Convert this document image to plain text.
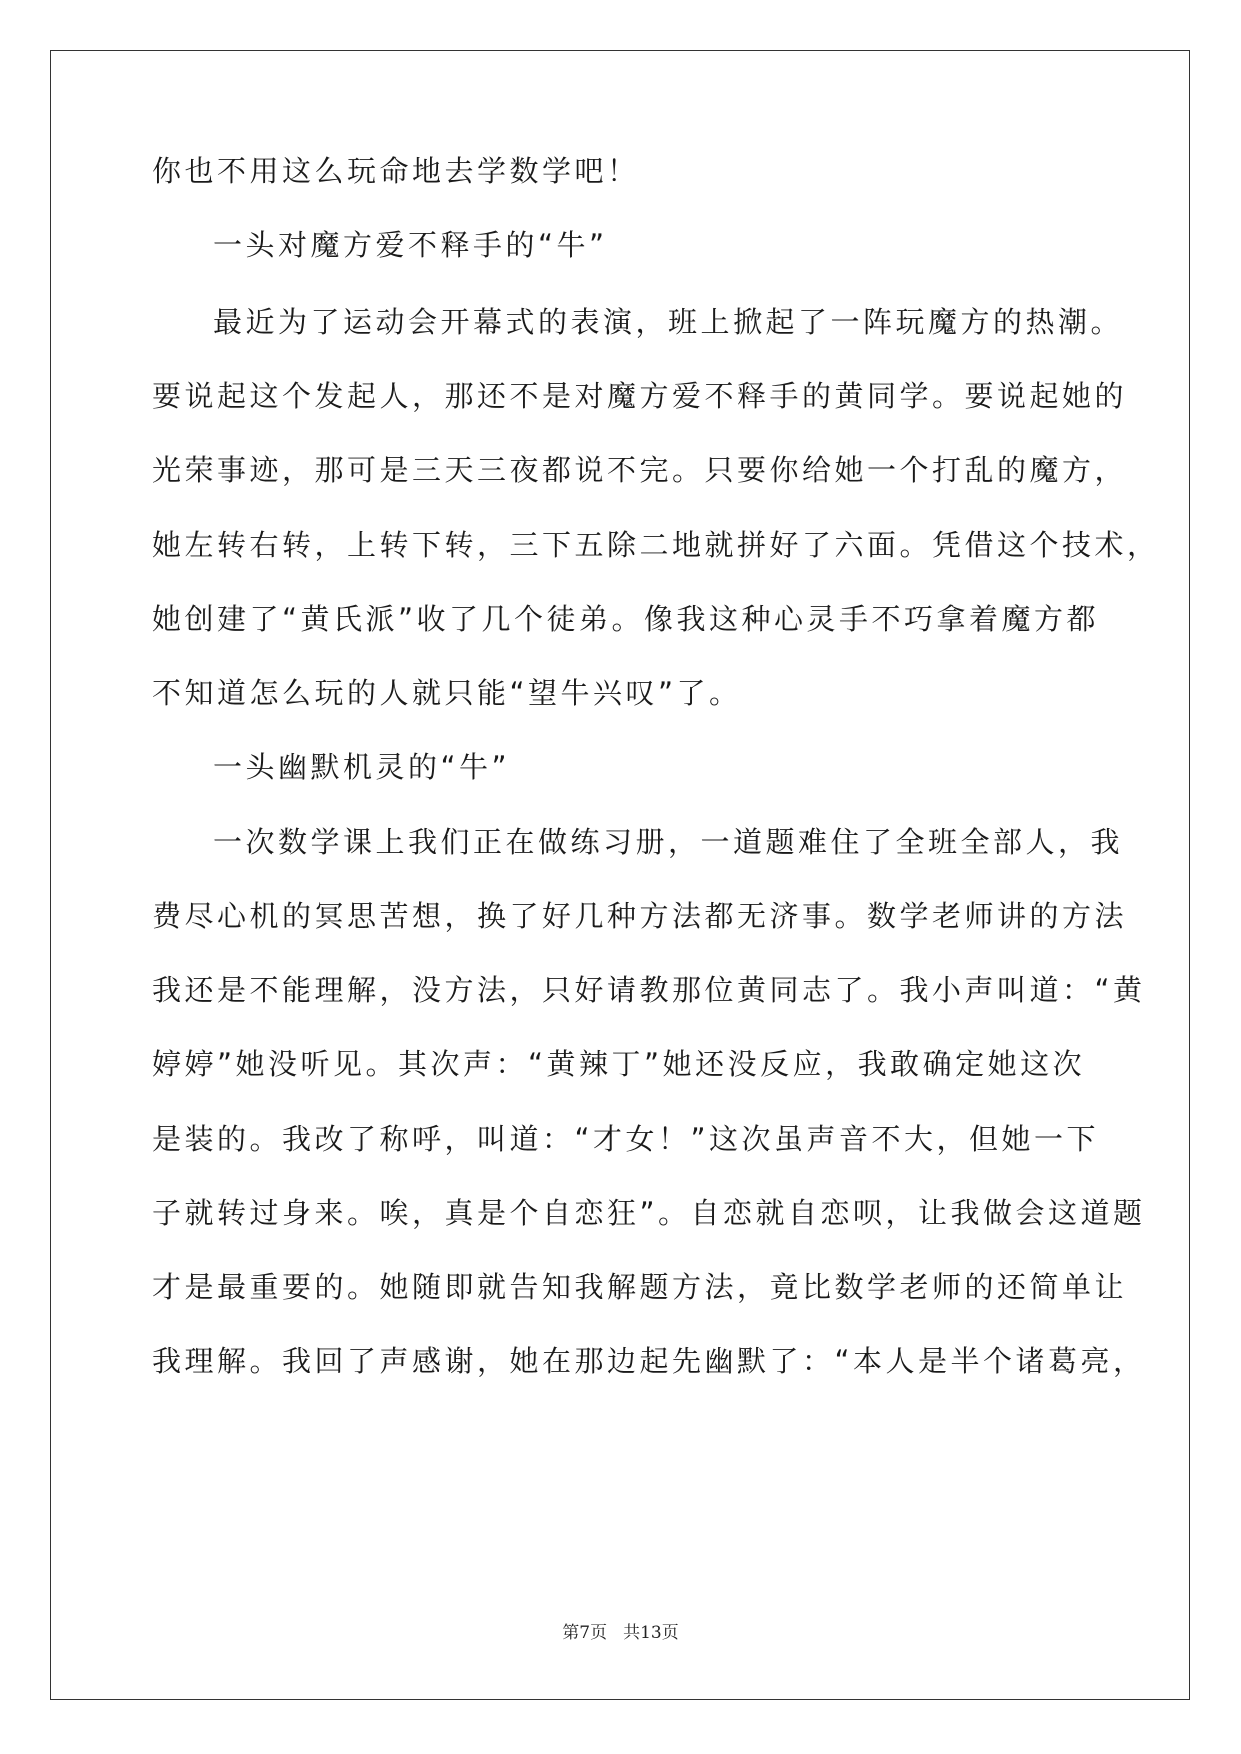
你也不用这么玩命地去学数学吧！
一头对魔方爱不释手的“牛”
最近为了运动会开幕式的表演，班上掀起了一阵玩魔方的热潮。
要说起这个发起人，那还不是对魔方爱不释手的黄同学。要说起她的
光荣事迹，那可是三天三夜都说不完。只要你给她一个打乱的魔方，
她左转右转，上转下转，三下五除二地就拼好了六面。凭借这个技术，
她创建了“黄氏派”收了几个徒弟。像我这种心灵手不巧拿着魔方都
不知道怎么玩的人就只能“望牛兴叹”了。
一头幽默机灵的“牛”
一次数学课上我们正在做练习册，一道题难住了全班全部人，我
费尽心机的冥思苦想，换了好几种方法都无济事。数学老师讲的方法
我还是不能理解，没方法，只好请教那位黄同志了。我小声叫道：“黄
婷婷”她没听见。其次声：“黄辣丁”她还没反应，我敢确定她这次
是装的。我改了称呼，叫道：“才女！”这次虽声音不大，但她一下
子就转过身来。唉，真是个自恋狂”。自恋就自恋呗，让我做会这道题
才是最重要的。她随即就告知我解题方法，竟比数学老师的还简单让
我理解。我回了声感谢，她在那边起先幽默了：“本人是半个诸葛亮，
第7页 共13页
